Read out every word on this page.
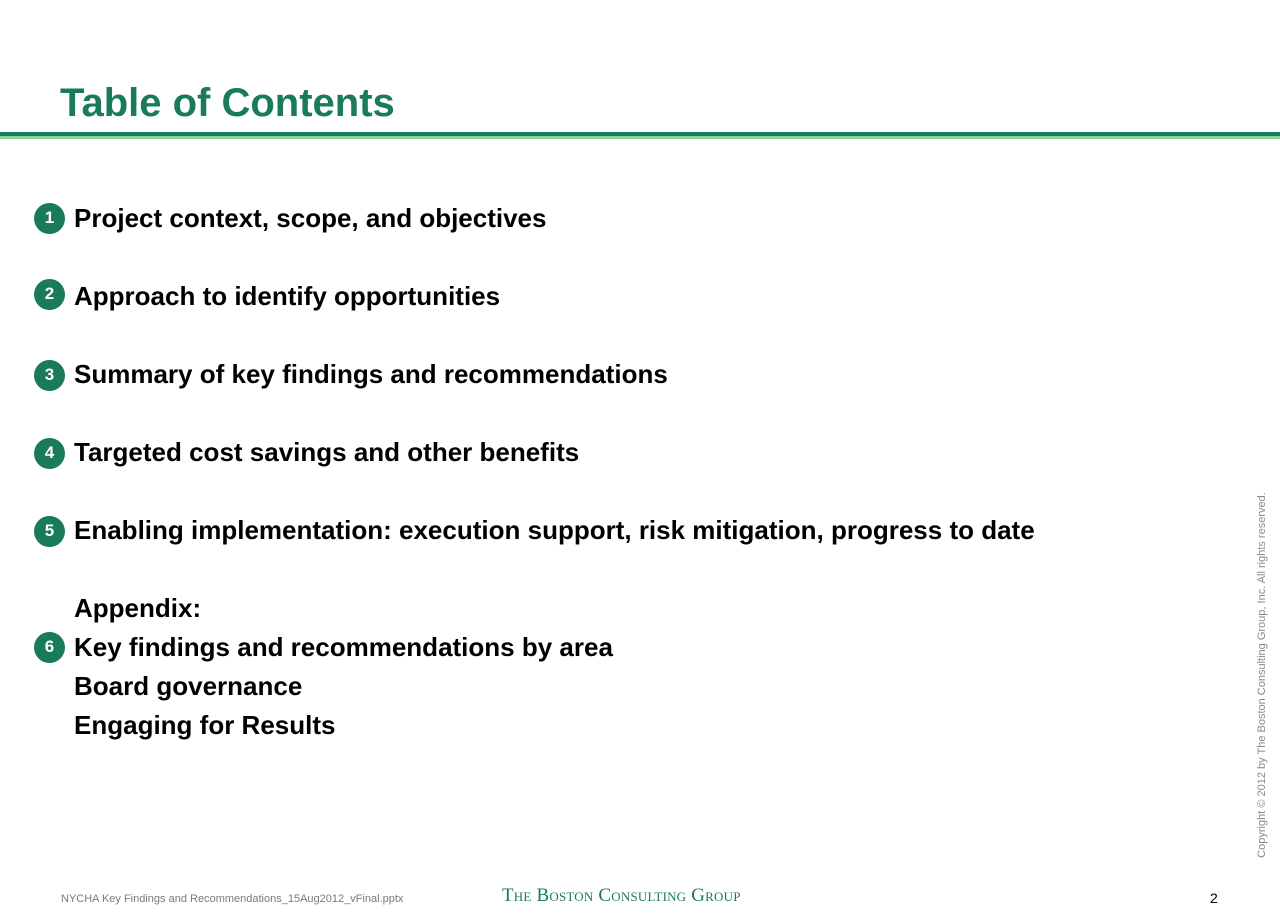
Table of Contents
1 Project context, scope, and objectives
2 Approach to identify opportunities
3 Summary of key findings and recommendations
4 Targeted cost savings and other benefits
5 Enabling implementation: execution support, risk mitigation, progress to date
6
Appendix:
Key findings and recommendations by area
Board governance
Engaging for Results	Copyright © 2012 by The Boston Consulting Group, Inc. All rights reserved.
NYCHA Key Findings and Recommendations_15Aug2012_vFinal.pptx	The Boston Consulting Group	2
